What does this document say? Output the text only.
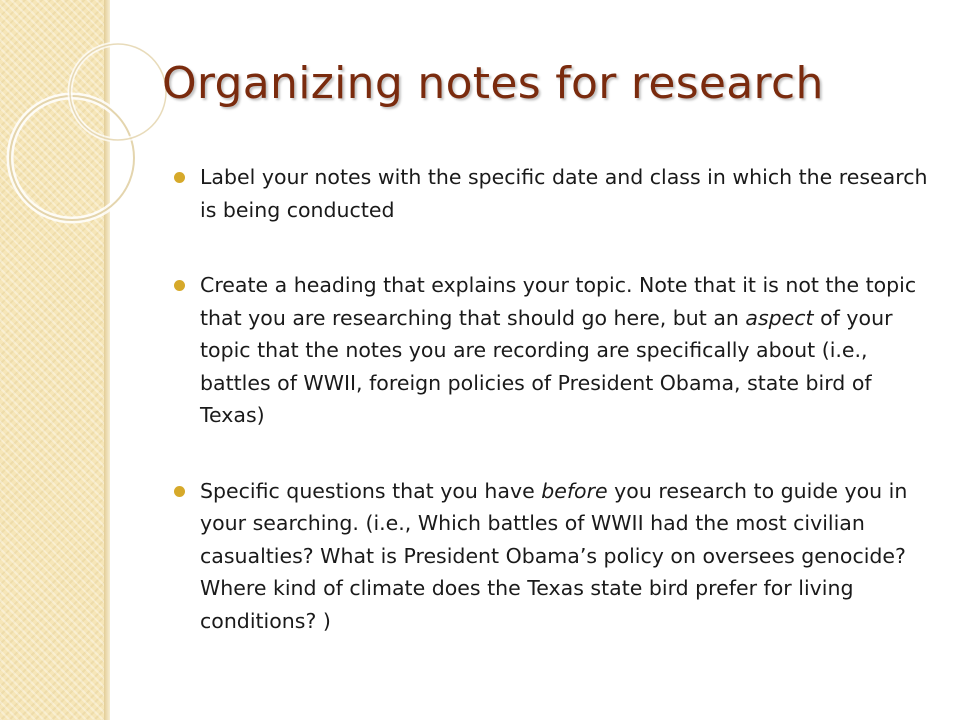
Organizing notes for research
Label your notes with the specific date and class in which the research is being conducted
Create a heading that explains your topic. Note that it is not the topic that you are researching that should go here, but an aspect of your topic that the notes you are recording are specifically about (i.e., battles of WWII, foreign policies of President Obama, state bird of Texas)
Specific questions that you have before you research to guide you in your searching. (i.e., Which battles of WWII had the most civilian casualties? What is President Obama’s policy on oversees genocide? Where kind of climate does the Texas state bird prefer for living conditions? )
